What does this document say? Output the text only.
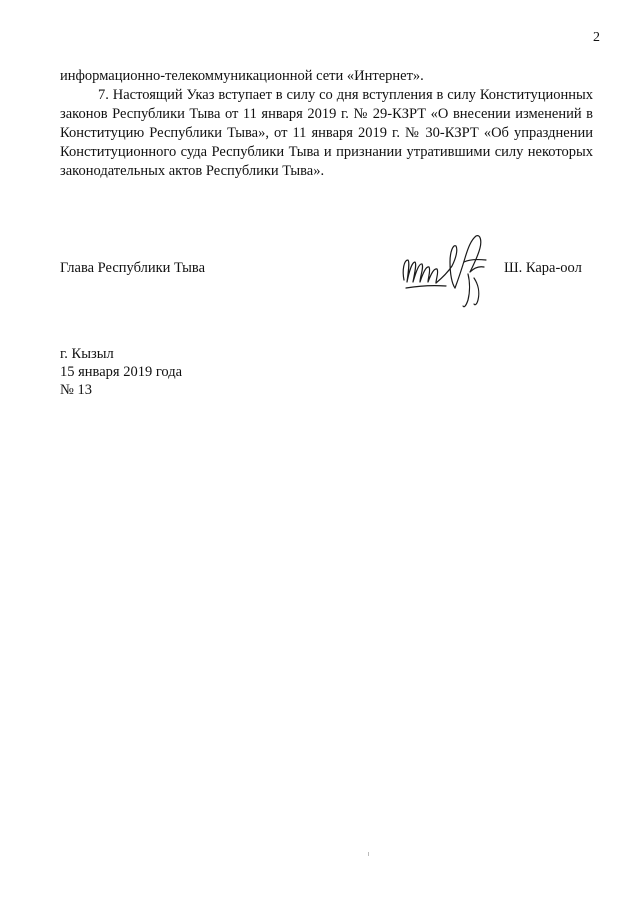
2

информационно-телекоммуникационной сети «Интернет».

7. Настоящий Указ вступает в силу со дня вступления в силу Конституционных законов Республики Тыва от 11 января 2019 г. № 29-КЗРТ «О внесении изменений в Конституцию Республики Тыва», от 11 января 2019 г. № 30-КЗРТ «Об упразднении Конституционного суда Республики Тыва и признании утратившими силу некоторых законодательных актов Республики Тыва».

Глава Республики Тыва	Ш. Кара-оол
г. Кызыл
15 января 2019 года
№ 13
